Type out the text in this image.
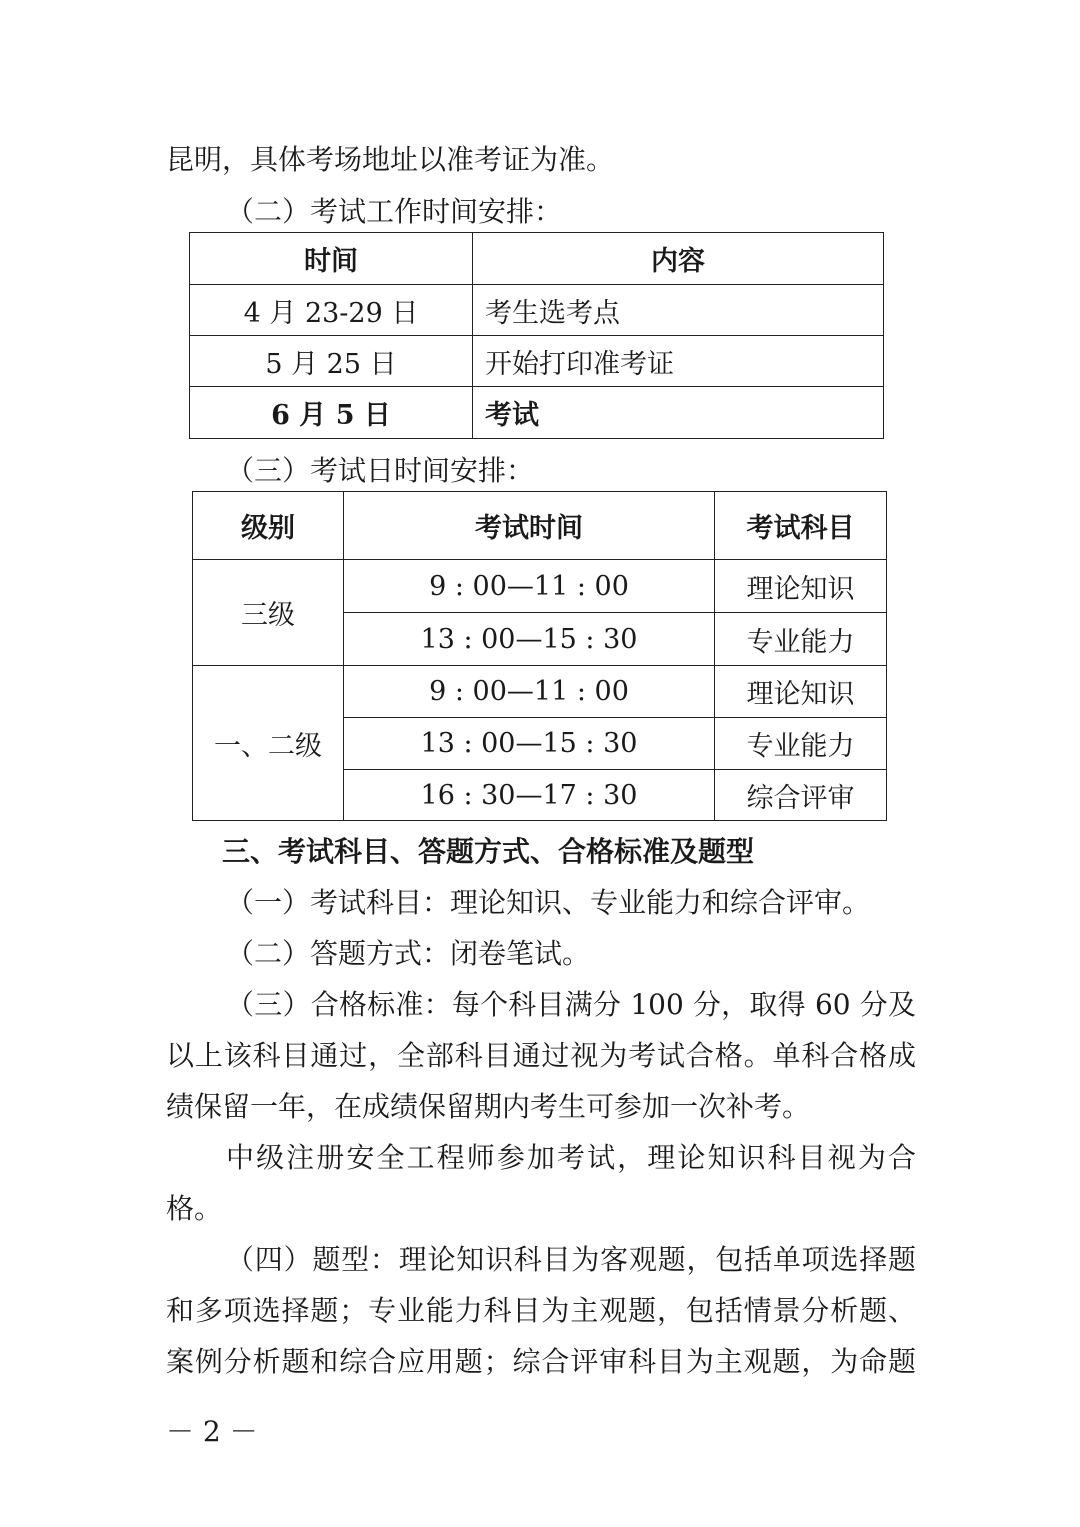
昆明，具体考场地址以准考证为准。
（二）考试工作时间安排：
时间	内容
4 月 23-29 日	考生选考点
5 月 25 日	开始打印准考证
6 月 5 日	考试
（三）考试日时间安排：
级别	考试时间	考试科目
三级	9 : 00—11 : 00	理论知识
	13 : 00—15 : 30	专业能力
一、二级	9 : 00—11 : 00	理论知识
	13 : 00—15 : 30	专业能力
	16 : 30—17 : 30	综合评审
三、考试科目、答题方式、合格标准及题型
（一）考试科目：理论知识、专业能力和综合评审。
（二）答题方式：闭卷笔试。
（三）合格标准：每个科目满分 100 分，取得 60 分及
以上该科目通过，全部科目通过视为考试合格。单科合格成
绩保留一年，在成绩保留期内考生可参加一次补考。
中级注册安全工程师参加考试，理论知识科目视为合
格。
（四）题型：理论知识科目为客观题，包括单项选择题
和多项选择题；专业能力科目为主观题，包括情景分析题、
案例分析题和综合应用题；综合评审科目为主观题，为命题
－ 2 －
